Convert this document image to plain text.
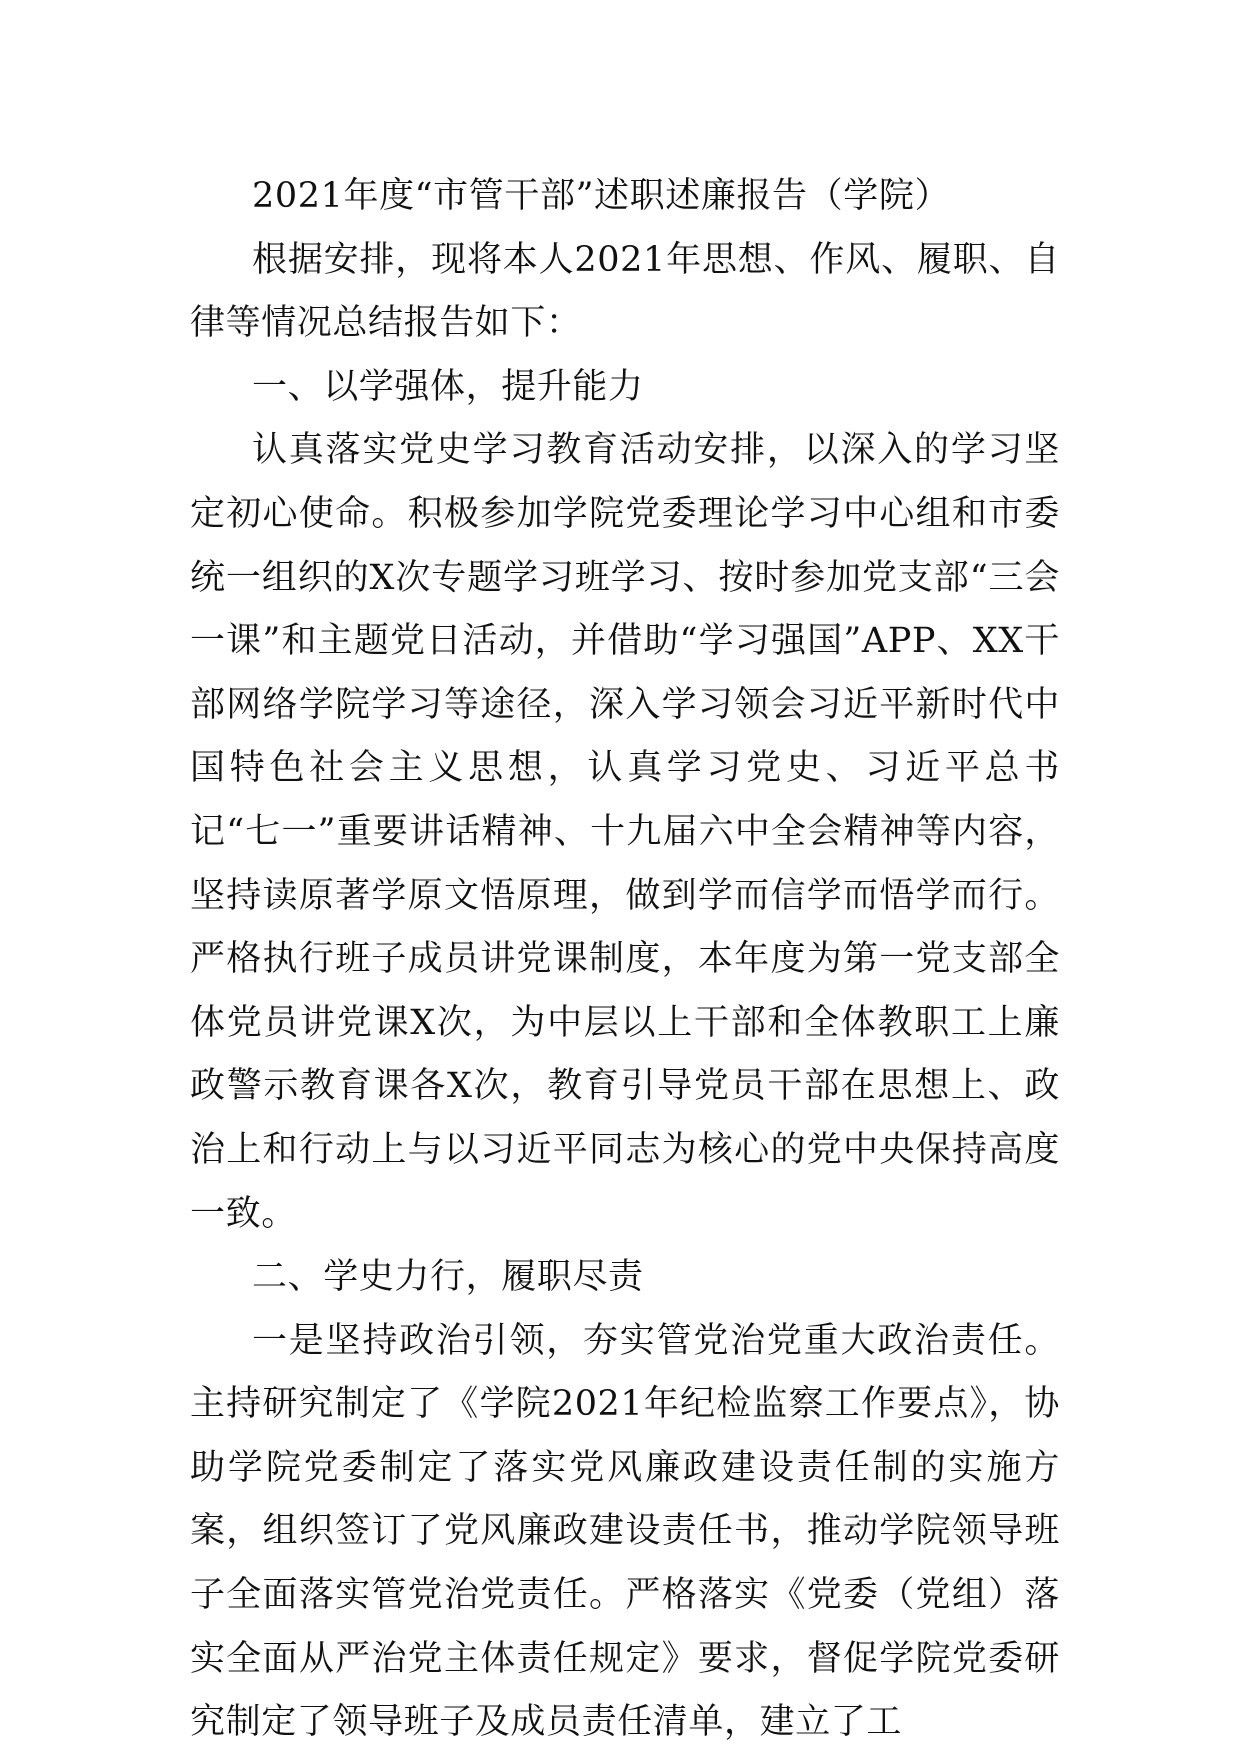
2021年度“市管干部”述职述廉报告（学院）

根据安排，现将本人2021年思想、作风、履职、自律等情况总结报告如下：

一、以学强体，提升能力

认真落实党史学习教育活动安排，以深入的学习坚定初心使命。积极参加学院党委理论学习中心组和市委统一组织的X次专题学习班学习、按时参加党支部“三会一课”和主题党日活动，并借助“学习强国”APP、XX干部网络学院学习等途径，深入学习领会习近平新时代中国特色社会主义思想，认真学习党史、习近平总书记“七一”重要讲话精神、十九届六中全会精神等内容，坚持读原著学原文悟原理，做到学而信学而悟学而行。严格执行班子成员讲党课制度，本年度为第一党支部全体党员讲党课X次，为中层以上干部和全体教职工上廉政警示教育课各X次，教育引导党员干部在思想上、政治上和行动上与以习近平同志为核心的党中央保持高度一致。

二、学史力行，履职尽责

一是坚持政治引领，夯实管党治党重大政治责任。主持研究制定了《学院2021年纪检监察工作要点》，协助学院党委制定了落实党风廉政建设责任制的实施方案，组织签订了党风廉政建设责任书，推动学院领导班子全面落实管党治党责任。严格落实《党委（党组）落实全面从严治党主体责任规定》要求，督促学院党委研究制定了领导班子及成员责任清单，建立了工
